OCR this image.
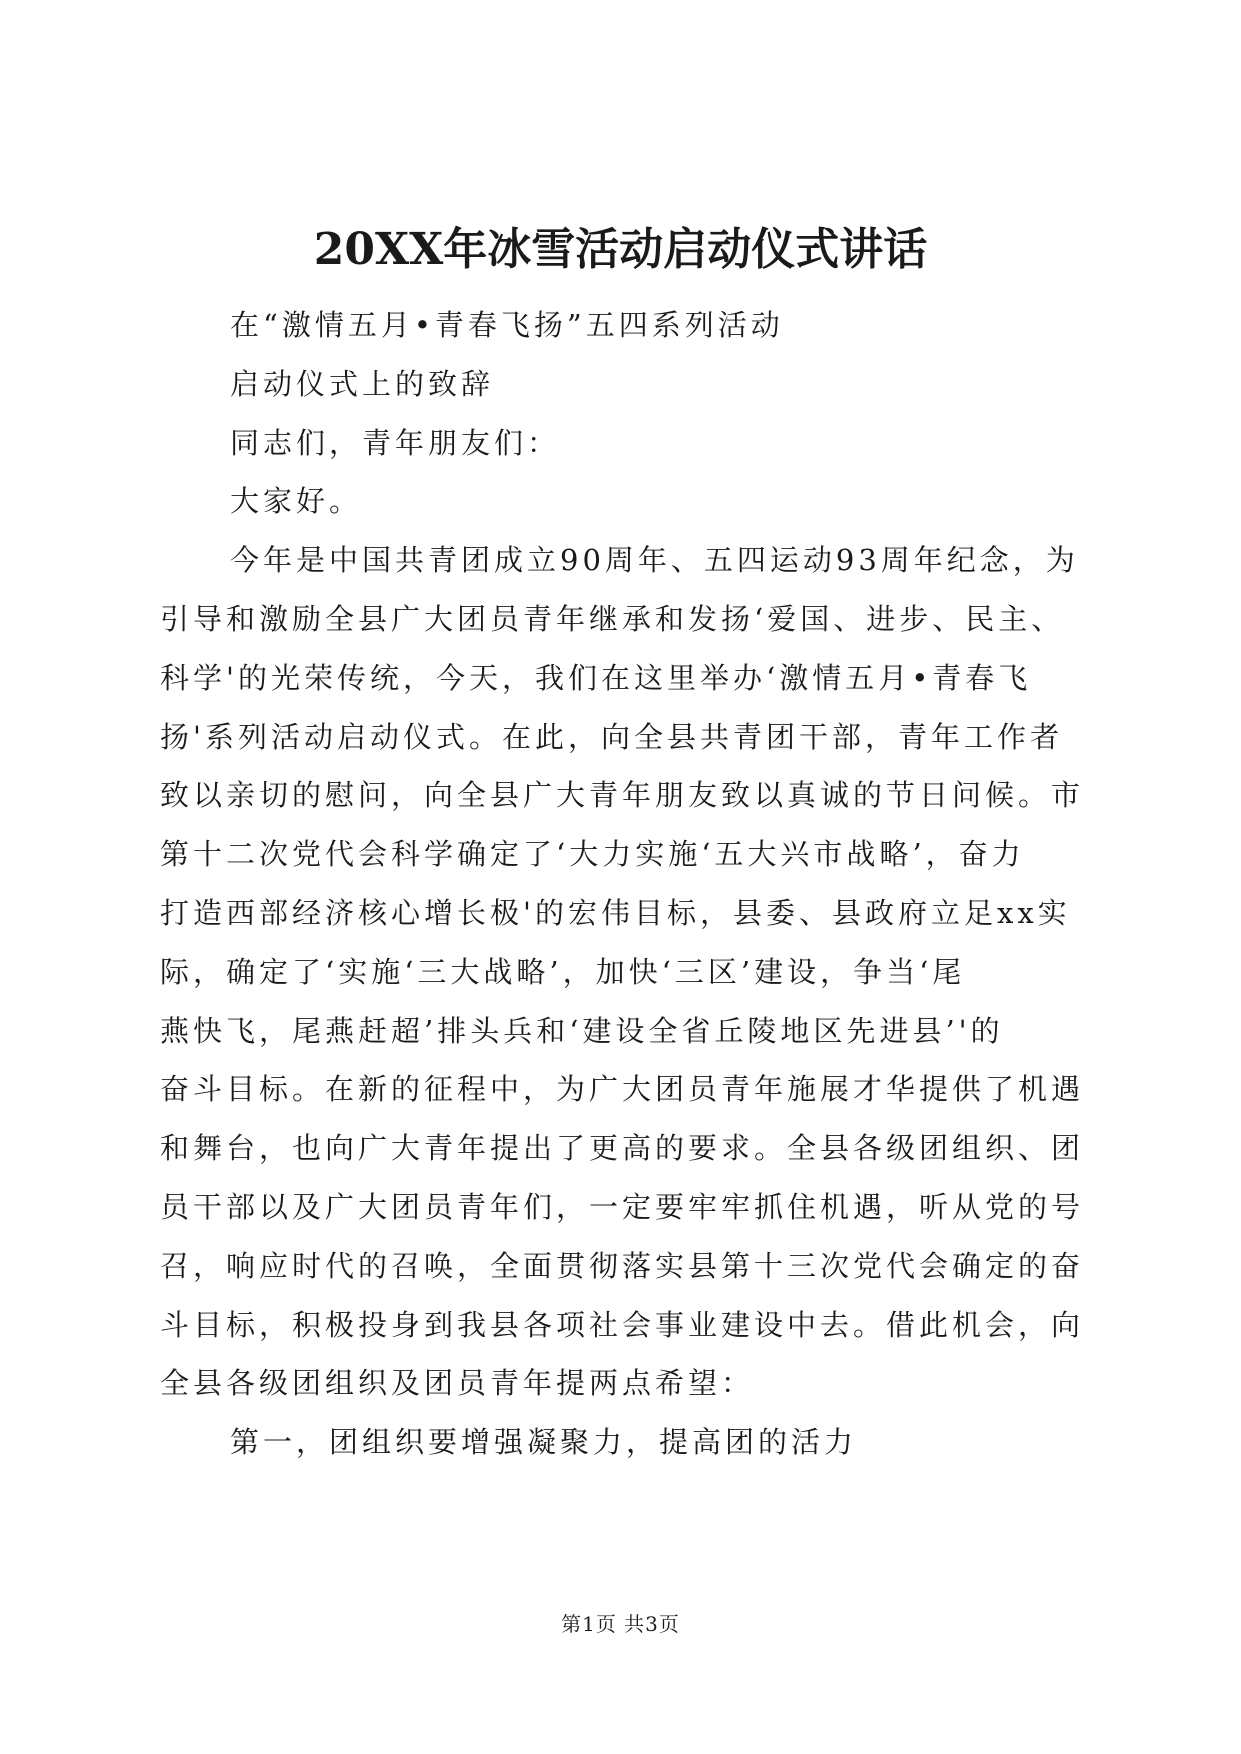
20XX年冰雪活动启动仪式讲话
在“激情五月•青春飞扬”五四系列活动
启动仪式上的致辞
同志们，青年朋友们：
大家好。
今年是中国共青团成立90周年、五四运动93周年纪念，为
引导和激励全县广大团员青年继承和发扬‘爱国、进步、民主、
科学'的光荣传统，今天，我们在这里举办‘激情五月•青春飞
扬'系列活动启动仪式。在此，向全县共青团干部，青年工作者
致以亲切的慰问，向全县广大青年朋友致以真诚的节日问候。市
第十二次党代会科学确定了‘大力实施‘五大兴市战略’，奋力
打造西部经济核心增长极'的宏伟目标，县委、县政府立足xx实
际，确定了‘实施‘三大战略’，加快‘三区’建设，争当‘尾
燕快飞，尾燕赶超’排头兵和‘建设全省丘陵地区先进县’'的
奋斗目标。在新的征程中，为广大团员青年施展才华提供了机遇
和舞台，也向广大青年提出了更高的要求。全县各级团组织、团
员干部以及广大团员青年们，一定要牢牢抓住机遇，听从党的号
召，响应时代的召唤，全面贯彻落实县第十三次党代会确定的奋
斗目标，积极投身到我县各项社会事业建设中去。借此机会，向
全县各级团组织及团员青年提两点希望：
第一，团组织要增强凝聚力，提高团的活力
第1页 共3页
